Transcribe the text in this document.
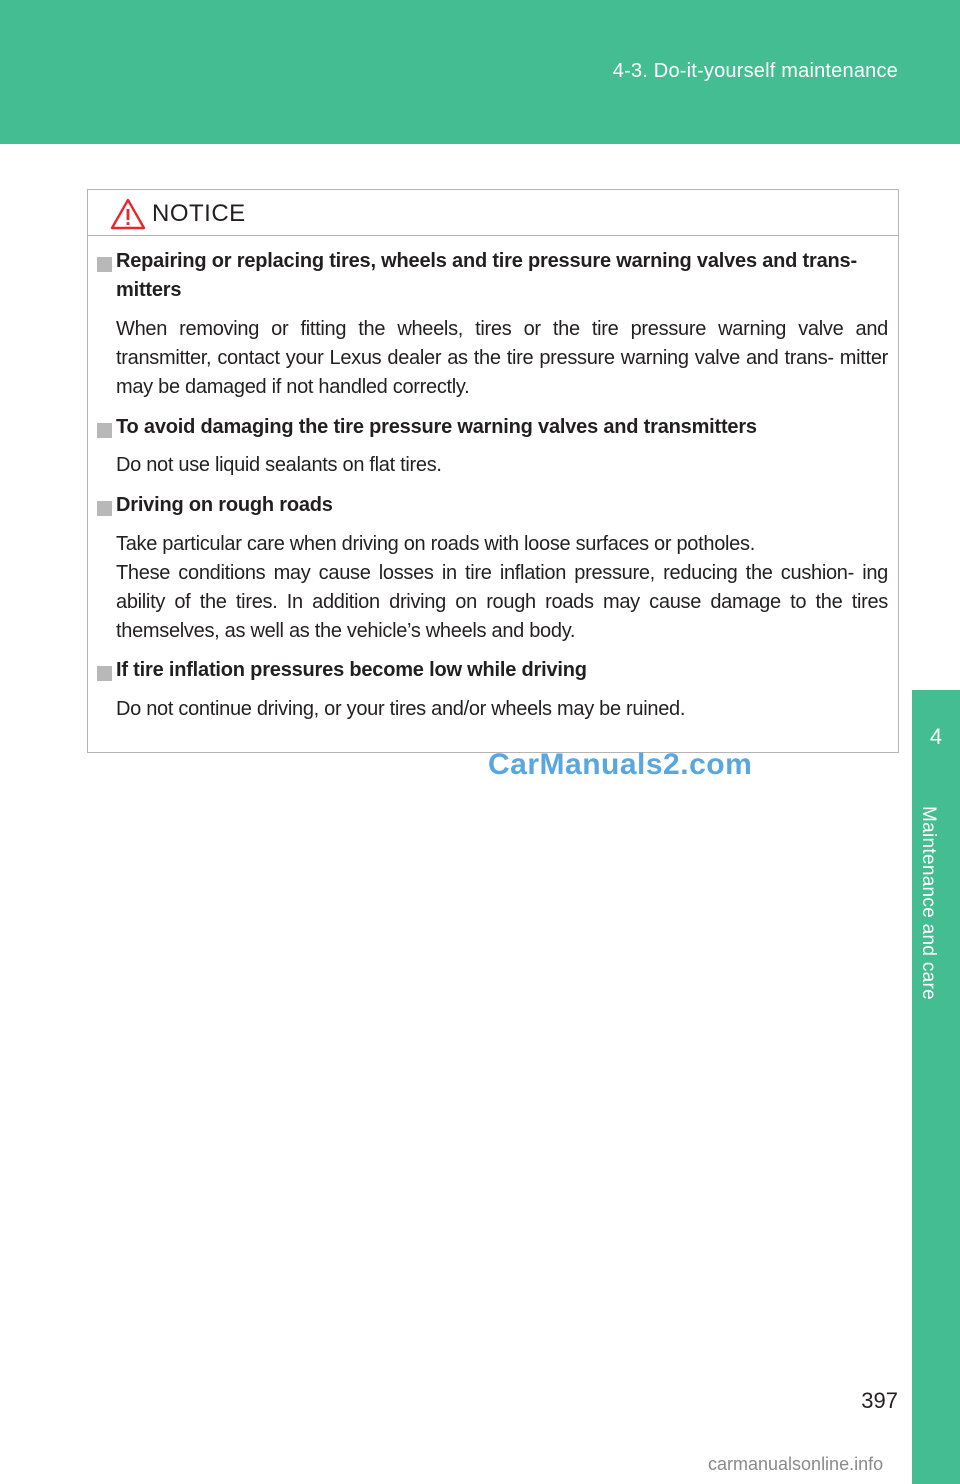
4-3. Do-it-yourself maintenance
4
Maintenance and care
NOTICE
Repairing or replacing tires, wheels and tire pressure warning valves and trans- mitters
When removing or fitting the wheels, tires or the tire pressure warning valve and transmitter, contact your Lexus dealer as the tire pressure warning valve and trans- mitter may be damaged if not handled correctly.
To avoid damaging the tire pressure warning valves and transmitters
Do not use liquid sealants on flat tires.
Driving on rough roads
Take particular care when driving on roads with loose surfaces or potholes.
These conditions may cause losses in tire inflation pressure, reducing the cushion- ing ability of the tires. In addition driving on rough roads may cause damage to the tires themselves, as well as the vehicle’s wheels and body.
If tire inflation pressures become low while driving
Do not continue driving, or your tires and/or wheels may be ruined.
CarManuals2.com
397
carmanualsonline.info
